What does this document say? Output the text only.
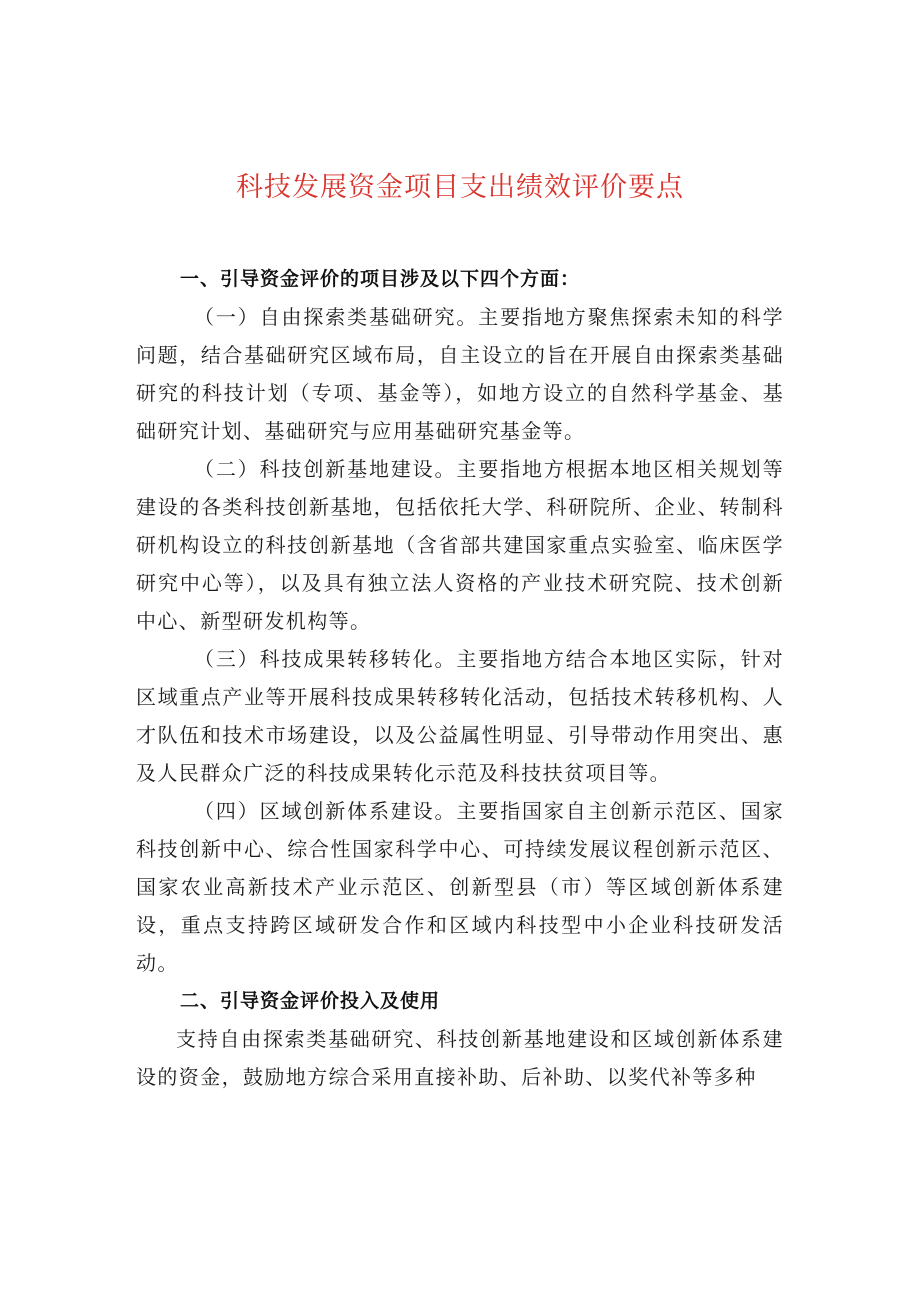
科技发展资金项目支出绩效评价要点

一、引导资金评价的项目涉及以下四个方面：

（一）自由探索类基础研究。主要指地方聚焦探索未知的科学问题，结合基础研究区域布局，自主设立的旨在开展自由探索类基础研究的科技计划（专项、基金等），如地方设立的自然科学基金、基础研究计划、基础研究与应用基础研究基金等。

（二）科技创新基地建设。主要指地方根据本地区相关规划等建设的各类科技创新基地，包括依托大学、科研院所、企业、转制科研机构设立的科技创新基地（含省部共建国家重点实验室、临床医学研究中心等），以及具有独立法人资格的产业技术研究院、技术创新中心、新型研发机构等。

（三）科技成果转移转化。主要指地方结合本地区实际，针对区域重点产业等开展科技成果转移转化活动，包括技术转移机构、人才队伍和技术市场建设，以及公益属性明显、引导带动作用突出、惠及人民群众广泛的科技成果转化示范及科技扶贫项目等。

（四）区域创新体系建设。主要指国家自主创新示范区、国家科技创新中心、综合性国家科学中心、可持续发展议程创新示范区、国家农业高新技术产业示范区、创新型县（市）等区域创新体系建设，重点支持跨区域研发合作和区域内科技型中小企业科技研发活动。

二、引导资金评价投入及使用

支持自由探索类基础研究、科技创新基地建设和区域创新体系建设的资金，鼓励地方综合采用直接补助、后补助、以奖代补等多种
